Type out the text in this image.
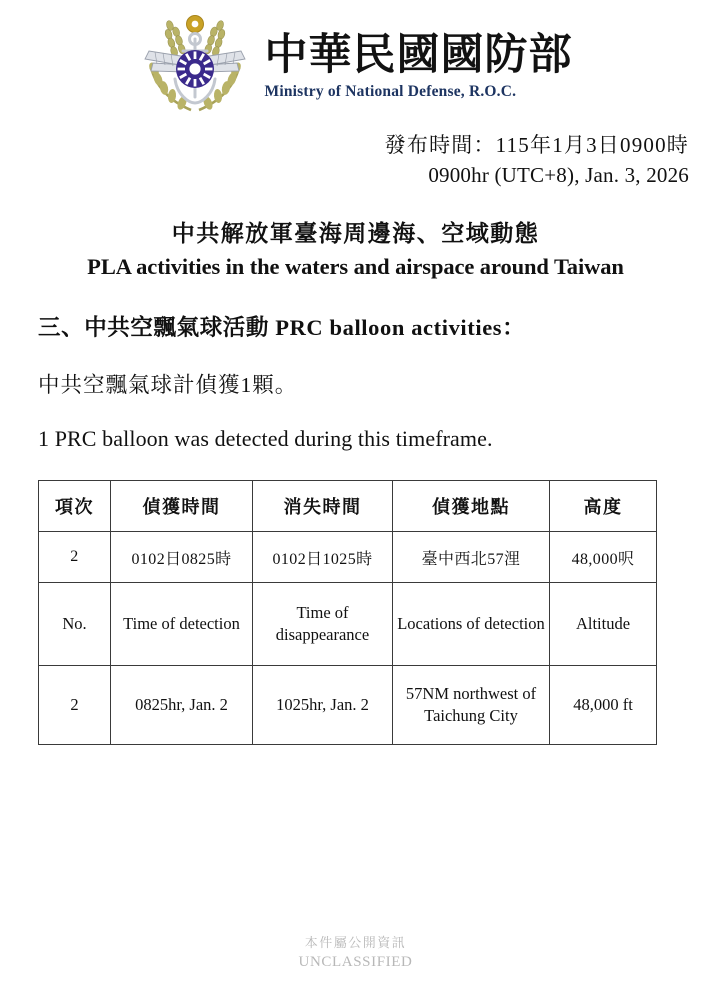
中華民國國防部
Ministry of National Defense, R.O.C.
發布時間：115年1月3日0900時
0900hr (UTC+8), Jan. 3, 2026
中共解放軍臺海周邊海、空域動態
PLA activities in the waters and airspace around Taiwan
三、中共空飄氣球活動 PRC balloon activities：
中共空飄氣球計偵獲1顆。
1 PRC balloon was detected during this timeframe.
項次	偵獲時間	消失時間	偵獲地點	高度
2	0102日0825時	0102日1025時	臺中西北57浬	48,000呎
No.	Time of detection	Time of disappearance	Locations of detection	Altitude
2	0825hr, Jan. 2	1025hr, Jan. 2	57NM northwest of Taichung City	48,000 ft
本件屬公開資訊
UNCLASSIFIED
